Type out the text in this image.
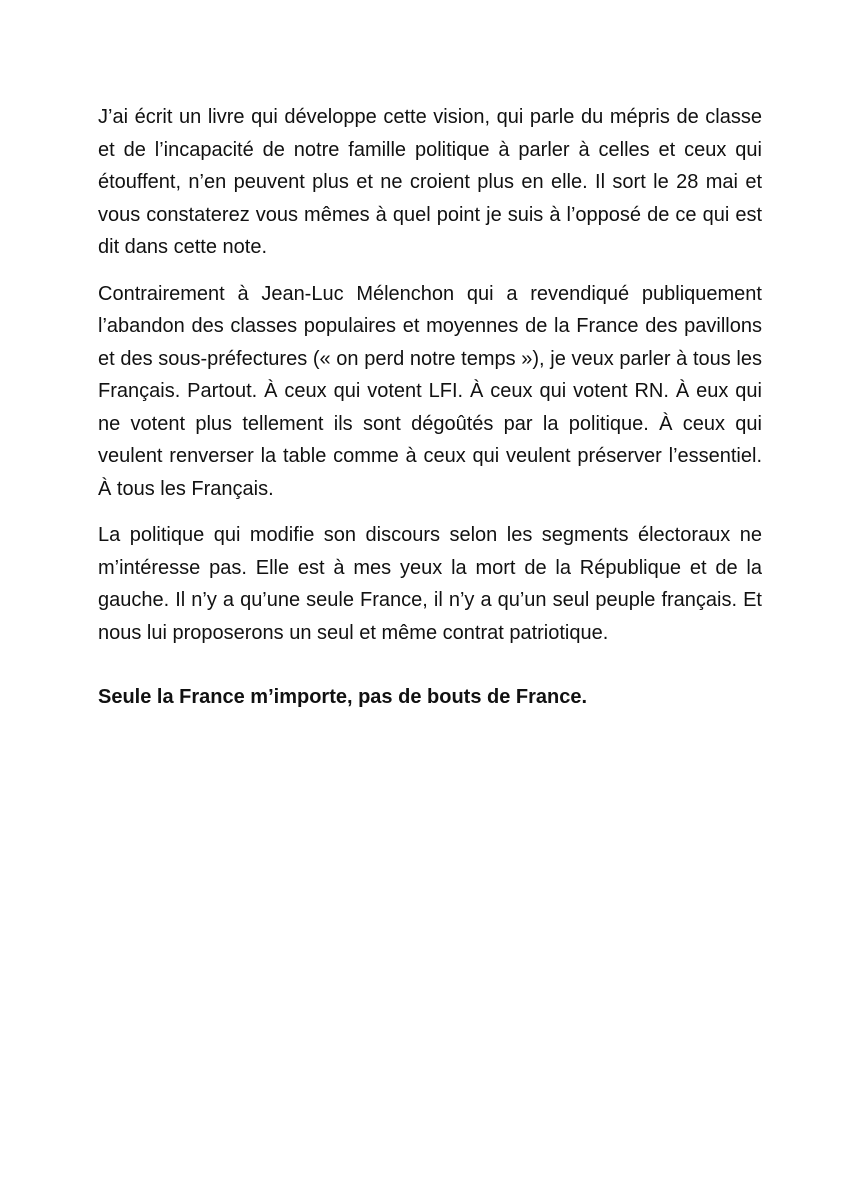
J’ai écrit un livre qui développe cette vision, qui parle du mépris de classe et de l’incapacité de notre famille politique à parler à celles et ceux qui étouffent, n’en peuvent plus et ne croient plus en elle. Il sort le 28 mai et vous constaterez vous mêmes à quel point je suis à l’opposé de ce qui est dit dans cette note.

Contrairement à Jean-Luc Mélenchon qui a revendiqué publiquement l’abandon des classes populaires et moyennes de la France des pavillons et des sous-préfectures (« on perd notre temps »), je veux parler à tous les Français. Partout. À ceux qui votent LFI. À ceux qui votent RN. À eux qui ne votent plus tellement ils sont dégoûtés par la politique. À ceux qui veulent renverser la table comme à ceux qui veulent préserver l’essentiel. À tous les Français.

La politique qui modifie son discours selon les segments électoraux ne m’intéresse pas. Elle est à mes yeux la mort de la République et de la gauche. Il n’y a qu’une seule France, il n’y a qu’un seul peuple français. Et nous lui proposerons un seul et même contrat patriotique.

Seule la France m’importe, pas de bouts de France.
